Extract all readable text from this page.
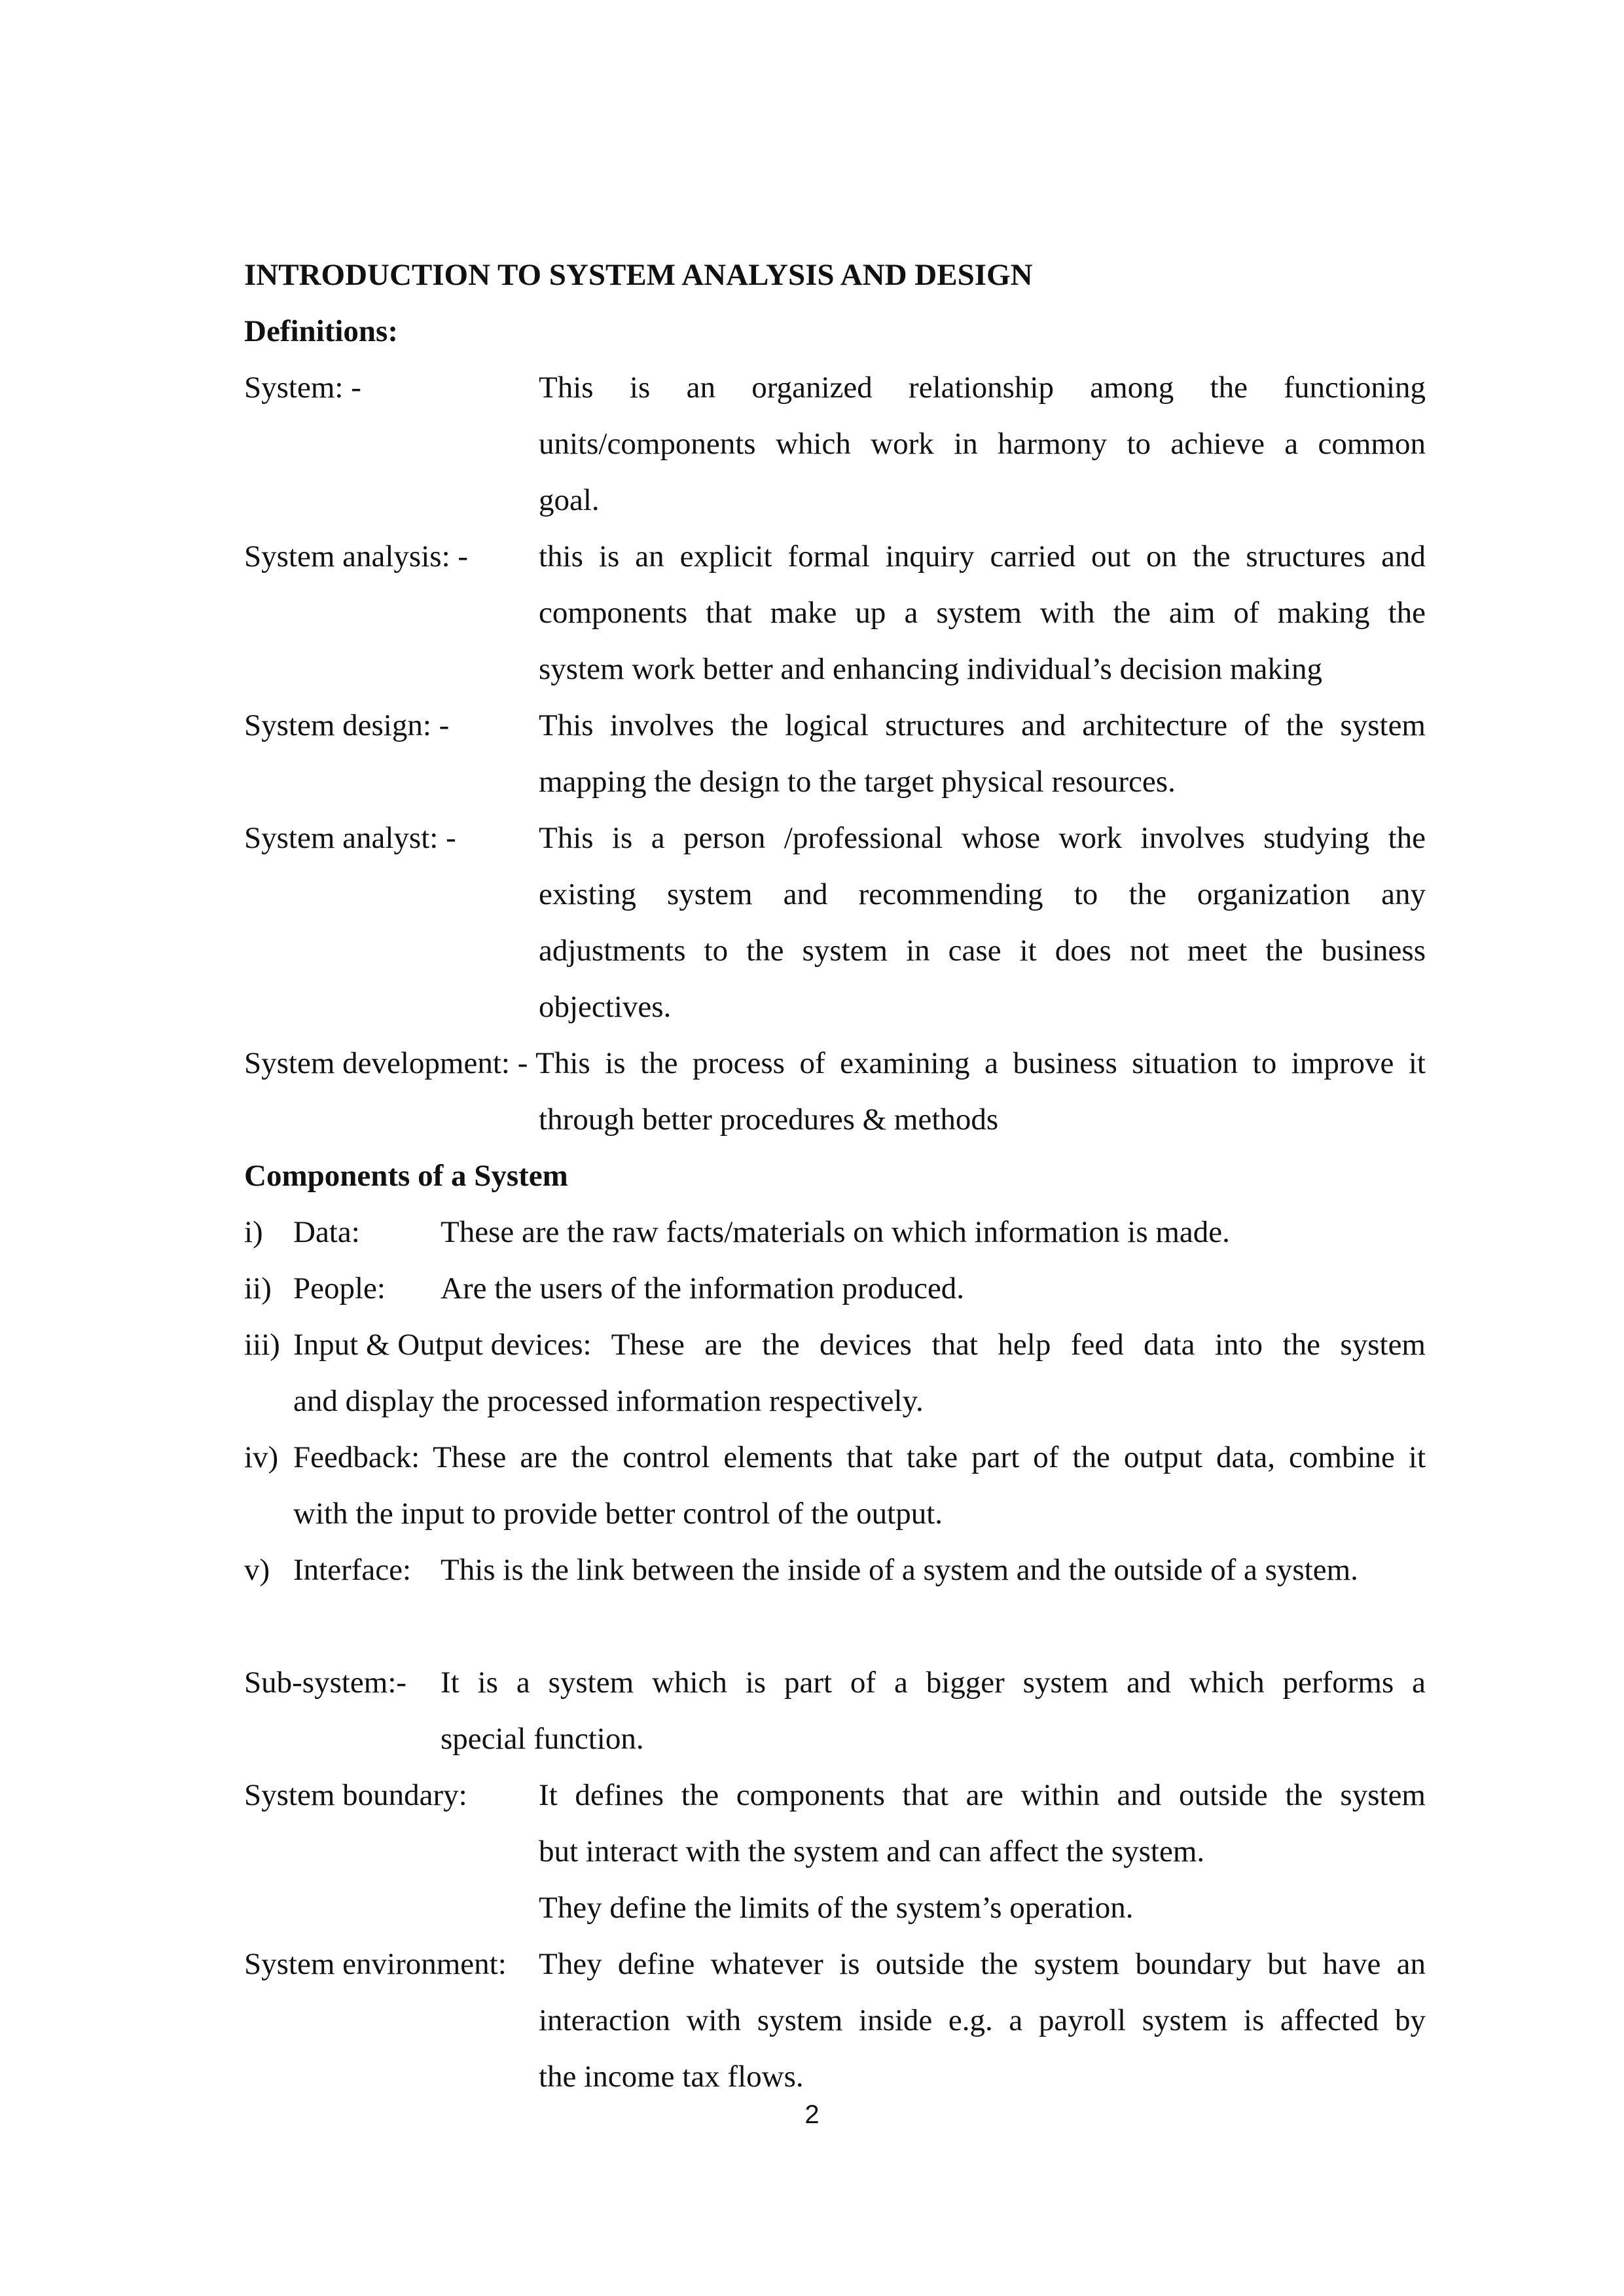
INTRODUCTION TO SYSTEM ANALYSIS AND DESIGN
Definitions:
System: -	This is an organized relationship among the functioning
units/components which work in harmony to achieve a common
goal.
System analysis: -	this is an explicit formal inquiry carried out on the structures and
components that make up a system with the aim of making the
system work better and enhancing individual’s decision making
System design: -	This involves the logical structures and architecture of the system
mapping the design to the target physical resources.
System analyst: -	This is a person /professional whose work involves studying the
existing system and recommending to the organization any
adjustments to the system in case it does not meet the business
objectives.
System development: - This is the process of examining a business situation to improve it
through better procedures & methods
Components of a System
i) Data:	These are the raw facts/materials on which information is made.
ii) People: Are the users of the information produced.
iii) Input & Output devices: These are the devices that help feed data into the system
and display the processed information respectively.
iv) Feedback: These are the control elements that take part of the output data, combine it
with the input to provide better control of the output.
v) Interface: This is the link between the inside of a system and the outside of a system.
Sub-system:-	It is a system which is part of a bigger system and which performs a
special function.
System boundary:	It defines the components that are within and outside the system
but interact with the system and can affect the system.
They define the limits of the system’s operation.
System environment:	They define whatever is outside the system boundary but have an
interaction with system inside e.g. a payroll system is affected by
the income tax flows.
2
